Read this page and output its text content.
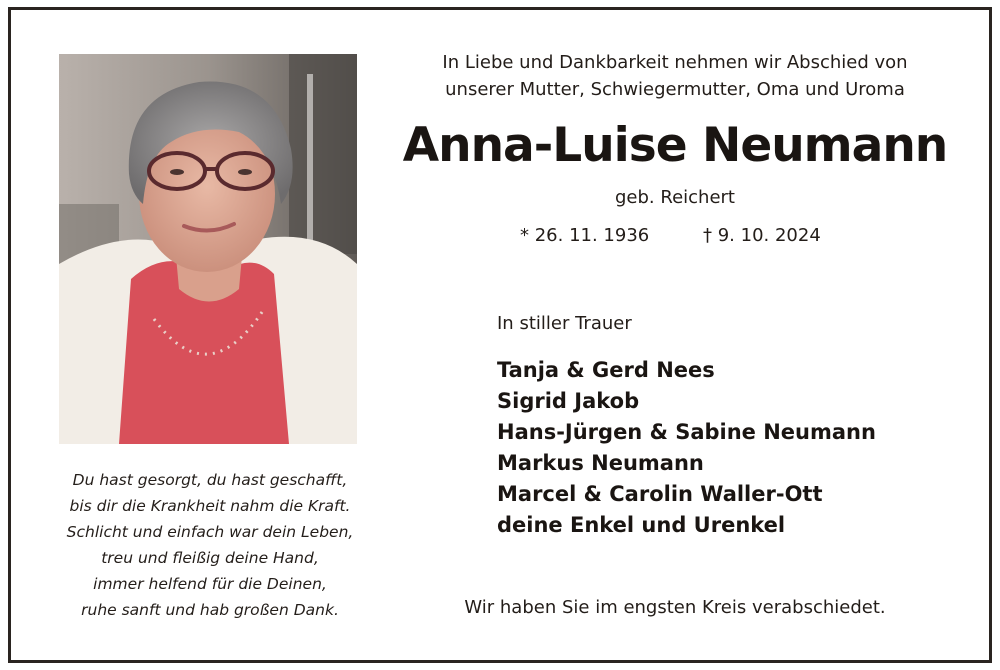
Du hast gesorgt, du hast geschafft,
bis dir die Krankheit nahm die Kraft.
Schlicht und einfach war dein Leben,
treu und fleißig deine Hand,
immer helfend für die Deinen,
ruhe sanft und hab großen Dank.
In Liebe und Dankbarkeit nehmen wir Abschied von
unserer Mutter, Schwiegermutter, Oma und Uroma
Anna-Luise Neumann
geb. Reichert
* 26. 11. 1936	† 9. 10. 2024
In stiller Trauer
Tanja & Gerd Nees
Sigrid Jakob
Hans-Jürgen & Sabine Neumann
Markus Neumann
Marcel & Carolin Waller-Ott
deine Enkel und Urenkel
Wir haben Sie im engsten Kreis verabschiedet.
